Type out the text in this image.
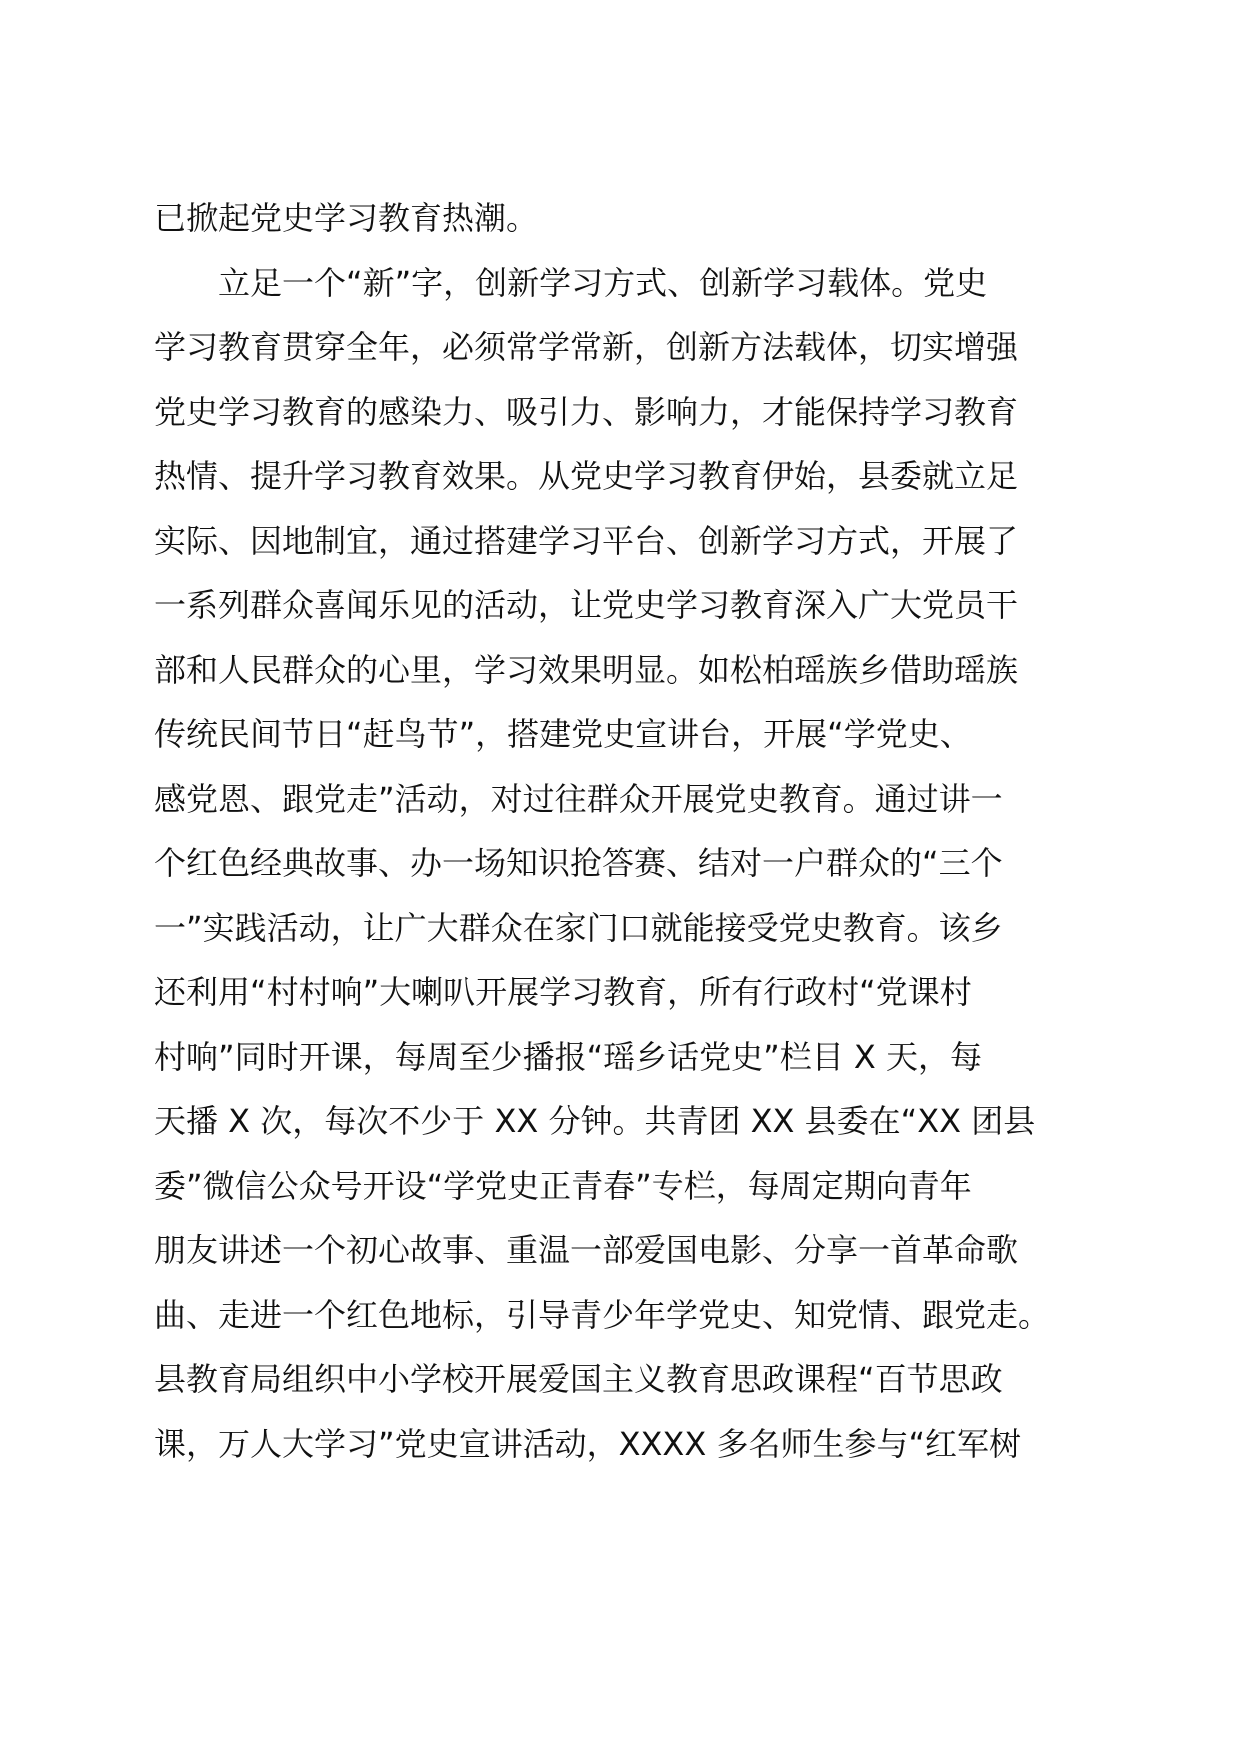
已掀起党史学习教育热潮。
立足一个“新”字，创新学习方式、创新学习载体。党史
学习教育贯穿全年，必须常学常新，创新方法载体，切实增强
党史学习教育的感染力、吸引力、影响力，才能保持学习教育
热情、提升学习教育效果。从党史学习教育伊始，县委就立足
实际、因地制宜，通过搭建学习平台、创新学习方式，开展了
一系列群众喜闻乐见的活动，让党史学习教育深入广大党员干
部和人民群众的心里，学习效果明显。如松柏瑶族乡借助瑶族
传统民间节日“赶鸟节”，搭建党史宣讲台，开展“学党史、
感党恩、跟党走”活动，对过往群众开展党史教育。通过讲一
个红色经典故事、办一场知识抢答赛、结对一户群众的“三个
一”实践活动，让广大群众在家门口就能接受党史教育。该乡
还利用“村村响”大喇叭开展学习教育，所有行政村“党课村
村响”同时开课，每周至少播报“瑶乡话党史”栏目 X 天，每
天播 X 次，每次不少于 XX 分钟。共青团 XX 县委在“XX 团县
委”微信公众号开设“学党史正青春”专栏，每周定期向青年
朋友讲述一个初心故事、重温一部爱国电影、分享一首革命歌
曲、走进一个红色地标，引导青少年学党史、知党情、跟党走。
县教育局组织中小学校开展爱国主义教育思政课程“百节思政
课，万人大学习”党史宣讲活动，XXXX 多名师生参与“红军树
